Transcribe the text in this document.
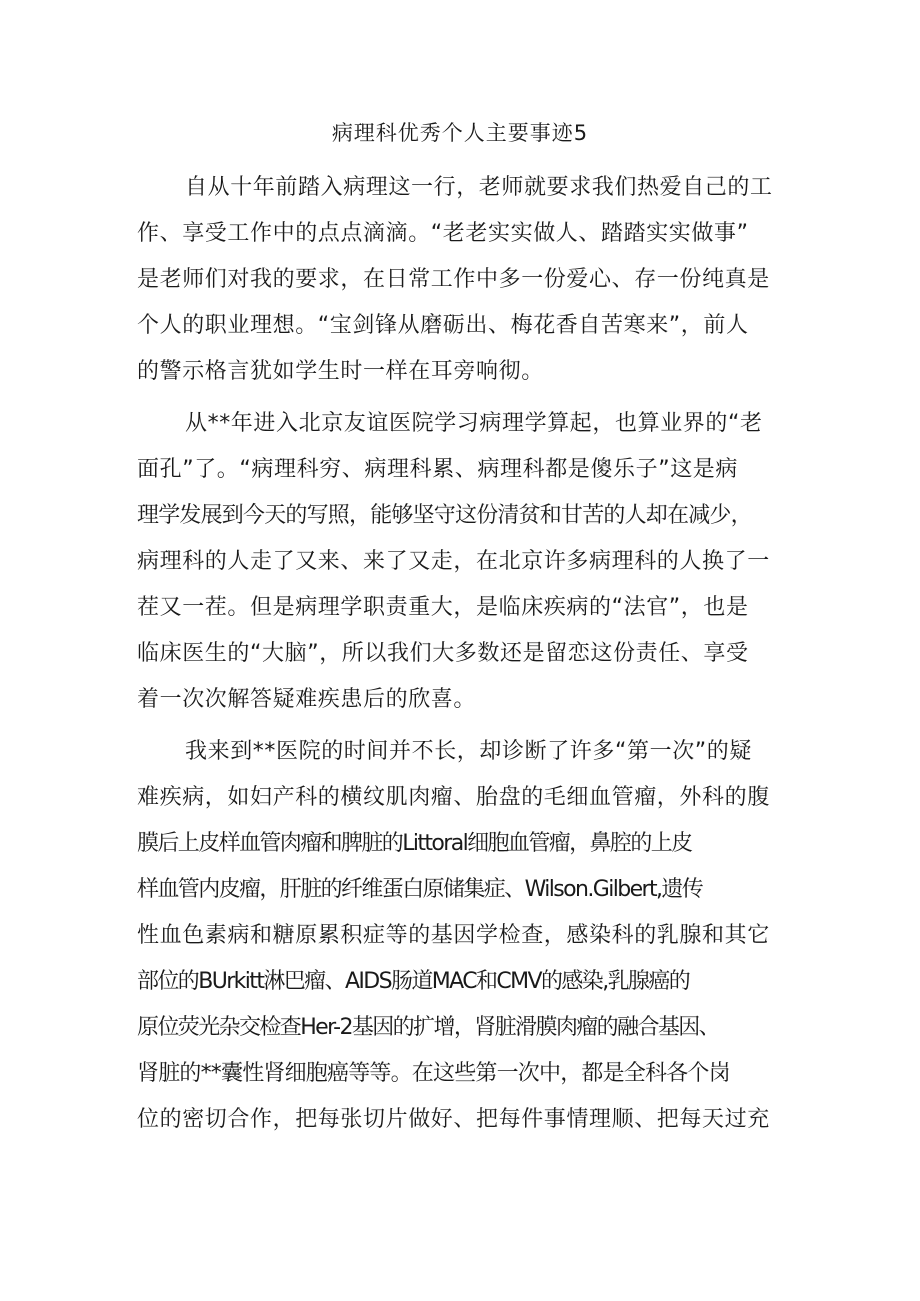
病理科优秀个人主要事迹5
自从十年前踏入病理这一行，老师就要求我们热爱自己的工
作、享受工作中的点点滴滴。“老老实实做人、踏踏实实做事”
是老师们对我的要求，在日常工作中多一份爱心、存一份纯真是
个人的职业理想。“宝剑锋从磨砺出、梅花香自苦寒来”，前人
的警示格言犹如学生时一样在耳旁响彻。
从**年进入北京友谊医院学习病理学算起，也算业界的“老
面孔”了。“病理科穷、病理科累、病理科都是傻乐子”这是病
理学发展到今天的写照，能够坚守这份清贫和甘苦的人却在减少，
病理科的人走了又来、来了又走，在北京许多病理科的人换了一
茬又一茬。但是病理学职责重大，是临床疾病的“法官”，也是
临床医生的“大脑”，所以我们大多数还是留恋这份责任、享受
着一次次解答疑难疾患后的欣喜。
我来到**医院的时间并不长，却诊断了许多“第一次”的疑
难疾病，如妇产科的横纹肌肉瘤、胎盘的毛细血管瘤，外科的腹
膜后上皮样血管肉瘤和脾脏的Littoral细胞血管瘤，鼻腔的上皮
样血管内皮瘤，肝脏的纤维蛋白原储集症、Wilson.Gilbert,遗传
性血色素病和糖原累积症等的基因学检查，感染科的乳腺和其它
部位的BUrkitt淋巴瘤、AIDS肠道MAC和CMV的感染,乳腺癌的
原位荧光杂交检查Her-2基因的扩增，肾脏滑膜肉瘤的融合基因、
肾脏的**囊性肾细胞癌等等。在这些第一次中，都是全科各个岗
位的密切合作，把每张切片做好、把每件事情理顺、把每天过充
